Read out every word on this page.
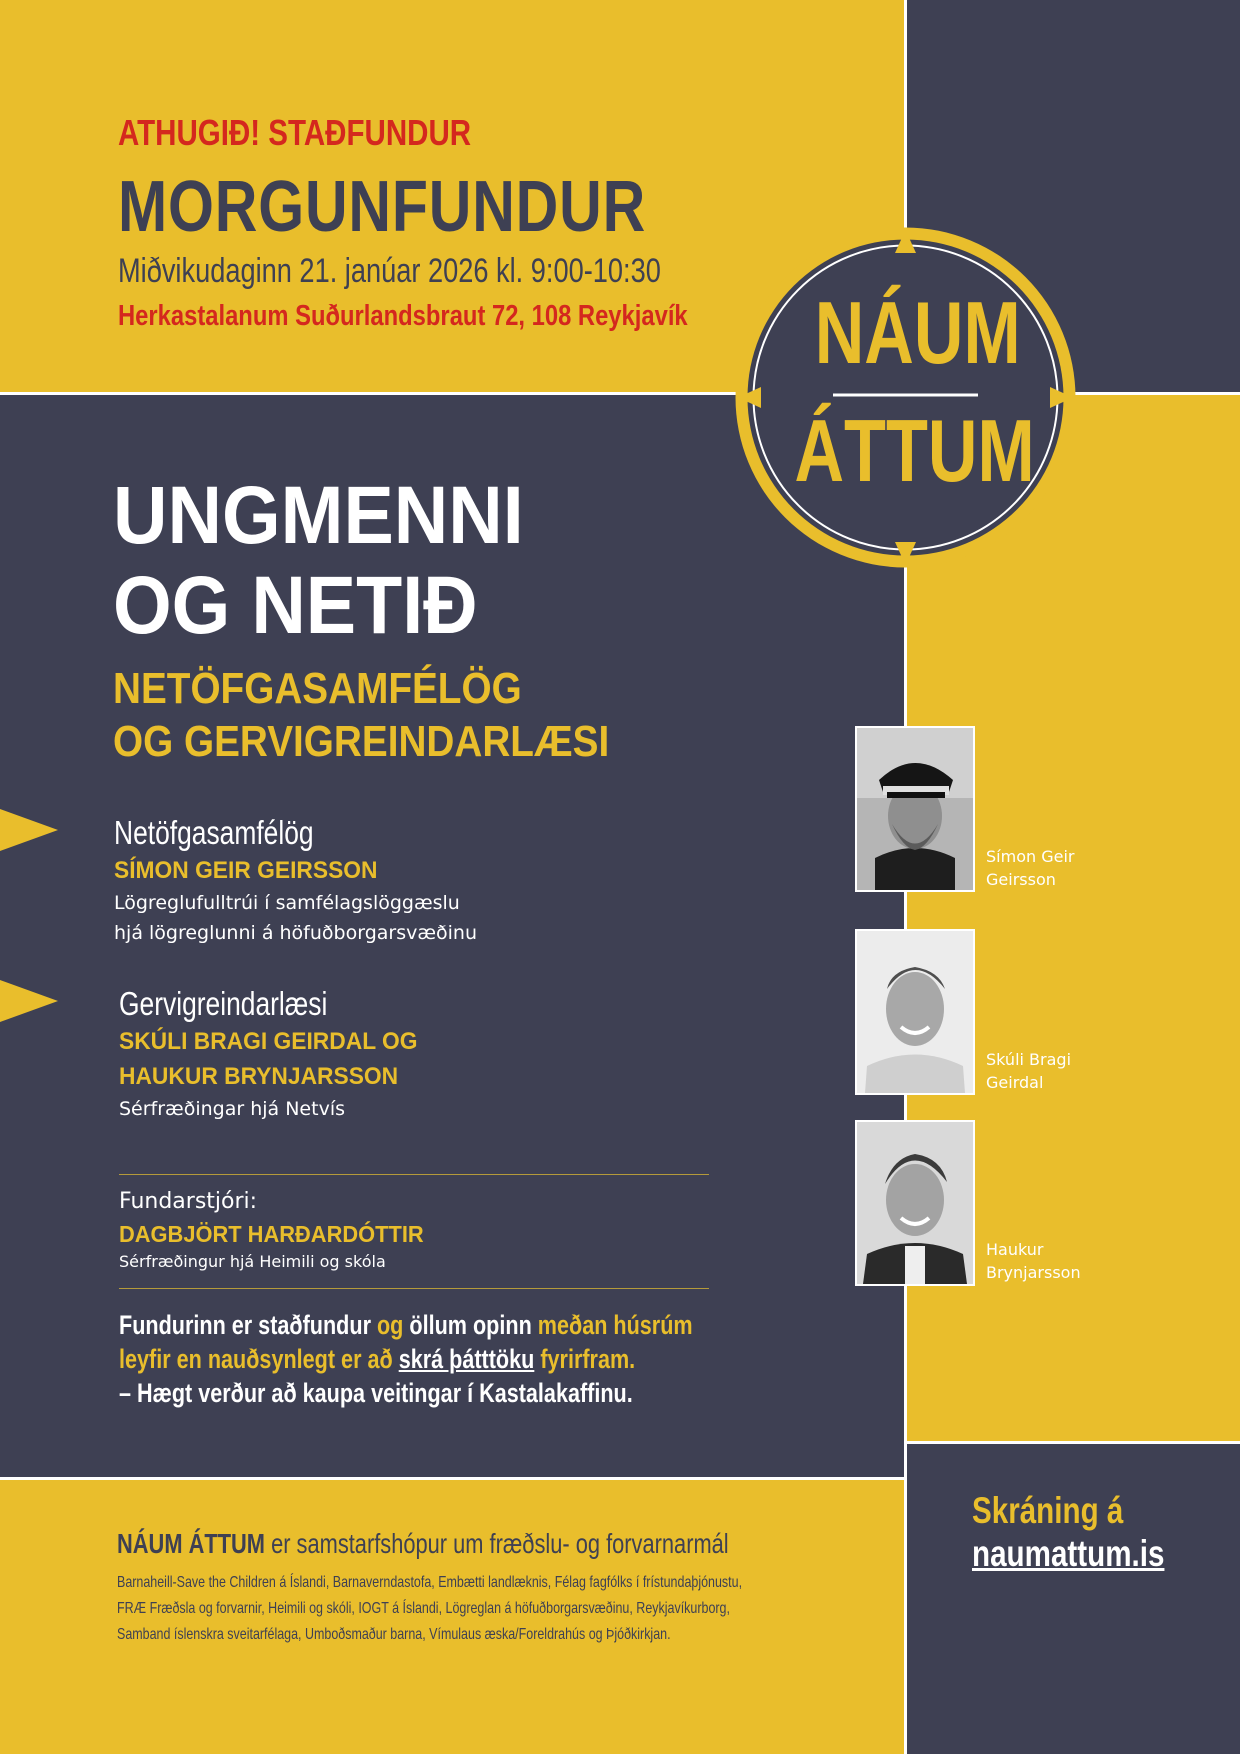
ATHUGIÐ! STAÐFUNDUR
MORGUNFUNDUR
Miðvikudaginn 21. janúar 2026 kl. 9:00-10:30
Herkastalanum Suðurlandsbraut 72, 108 Reykjavík NÁUM
ÁTTUM
UNGMENNI
OG NETIÐ
NETÖFGASAMFÉLÖG
OG GERVIGREINDARLÆSI
Netöfgasamfélög
SÍMON GEIR GEIRSSON
Lögreglufulltrúi í samfélagslöggæslu
hjá lögreglunni á höfuðborgarsvæðinu
Gervigreindarlæsi
SKÚLI BRAGI GEIRDAL OG
HAUKUR BRYNJARSSON
Sérfræðingar hjá Netvís
Fundarstjóri:
DAGBJÖRT HARÐARDÓTTIR
Sérfræðingur hjá Heimili og skóla
Fundurinn er staðfundur og öllum opinn meðan húsrúm
leyfir en nauðsynlegt er að skrá þátttöku fyrirfram.
– Hægt verður að kaupa veitingar í Kastalakaffinu.
Símon Geir
Geirsson
Skúli Bragi
Geirdal
Haukur
Brynjarsson
NÁUM ÁTTUM er samstarfshópur um fræðslu- og forvarnarmál
Barnaheill-Save the Children á Íslandi, Barnaverndastofa, Embætti landlæknis, Félag fagfólks í frístundaþjónustu,
FRÆ Fræðsla og forvarnir, Heimili og skóli, IOGT á Íslandi, Lögreglan á höfuðborgarsvæðinu, Reykjavíkurborg,
Samband íslenskra sveitarfélaga, Umboðsmaður barna, Vímulaus æska/Foreldrahús og Þjóðkirkjan.
Skráning á
naumattum.is
